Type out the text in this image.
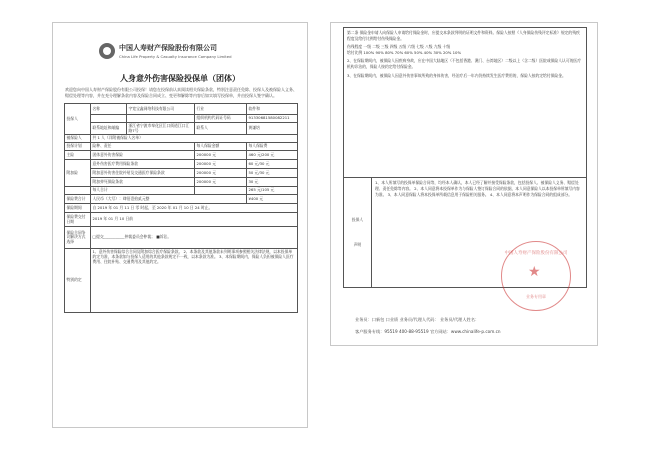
中国人寿财产保险股份有限公司
China Life Property & Casualty Insurance Company Limited
人身意外伤害保险投保单（团体）
欢迎您向中国人寿财产保险股份有限公司投保！请您在投保前认真阅读相关保险条款，特别注意责任免除、投保人及被保险人义务、赔偿处理等内容，并在充分理解条款内容及保险合同成立、变更和解除等内容后如实填写投保单，并由投保人签字确认。
投保人	名称	宇宽宝鑫网络科技有限公司	行业	软件和
			组织机构代码证号码	91330681580082211
	联系地址和邮编	浙江省宁波市奉化区江口街道江口汇路7号	联系人	黄谦培
被保险人	共 1 人（详附被保险人名单）			
投保计划	险种、责任		每人保险金额	每人保险费
主险	团体意外伤害保险		200000 元	460 元/200 元
附加险	意外伤害医疗费用保险条款		200000 元	60 元/30 元
	附加意外伤害住院补贴及交通医疗保险条款		200000 元	50 元/30 元
	附加猝死保险条款		200000 元	30 元
	每人合计			265 元/105 元
保险费合计	人民币（大写）：肆佰壹拾贰元整			¥400 元
保险期间	自 2019 年 01 月 11 日 零 时起，至 2020 年 01 月 10 日 24 时止。			
保险费交付日期	2019 年 01 月 10 日前			
保险合同争议解决方式选择	□提交___________仲裁委员会仲裁； ■诉讼。			
特别约定	1、意外伤害保险综合合同及附加综合医疗保险条款。 2、本条款及其他条款未列明事项参照相关法律法规，以本投保单约定为准，本条款如与投保人适用的其他条款规定不一致，以本条款为准。 3、本保险期间内，保险人负担被保险人医疗费用、住院补贴、交通费用及其他约定。			
第二条 保险金申请人向保险人申请给付保险金时，应提交本条款列明的证明文件和资料。保险人按照《人身保险伤残评定标准》规定的残疾程度及给付比例给付伤残保险金。
伤残程度 一级 二级 三级 四级 五级 六级 七级 八级 九级 十级
给付比例 100% 90% 80% 70% 60% 50% 40% 30% 20% 10%
2、在保险期间内，被保险人因疾病身故，应在中国大陆地区（不包括香港、澳门、台湾地区）二级以上（含二级）医院或保险人认可的医疗机构诊治的，保险人按约定给付保险金。
3、在保险期间内，被保险人因意外伤害事故所致的身体伤害，经治疗后一年内仍持续发生医疗费用的，保险人按约定给付保险金。

投保人
声明
	1、本人所填写的投保单保险合同等，均经本人确认，本人已经了解并接受保险条款，包括投保人、被保险人义务、赔偿处理、责任免除等内容。 2、本人同意将本投保单作为与保险人签订保险合同的依据，本人同意保险人以本投保单所填写内容为准。 3、本人同意保险人将本投保单所载信息用于保险相关服务。 4、本人同意将本声明作为保险合同的组成部分。
中国人寿财产保险股份有限公司
业务专用章
★
业务员：口新包 口业绩 业务员/代理人代码： 业务员/代理人姓名：
客户服务专线：95519 400-88-95519 官方网站：www.chinalife-p.com.cn
